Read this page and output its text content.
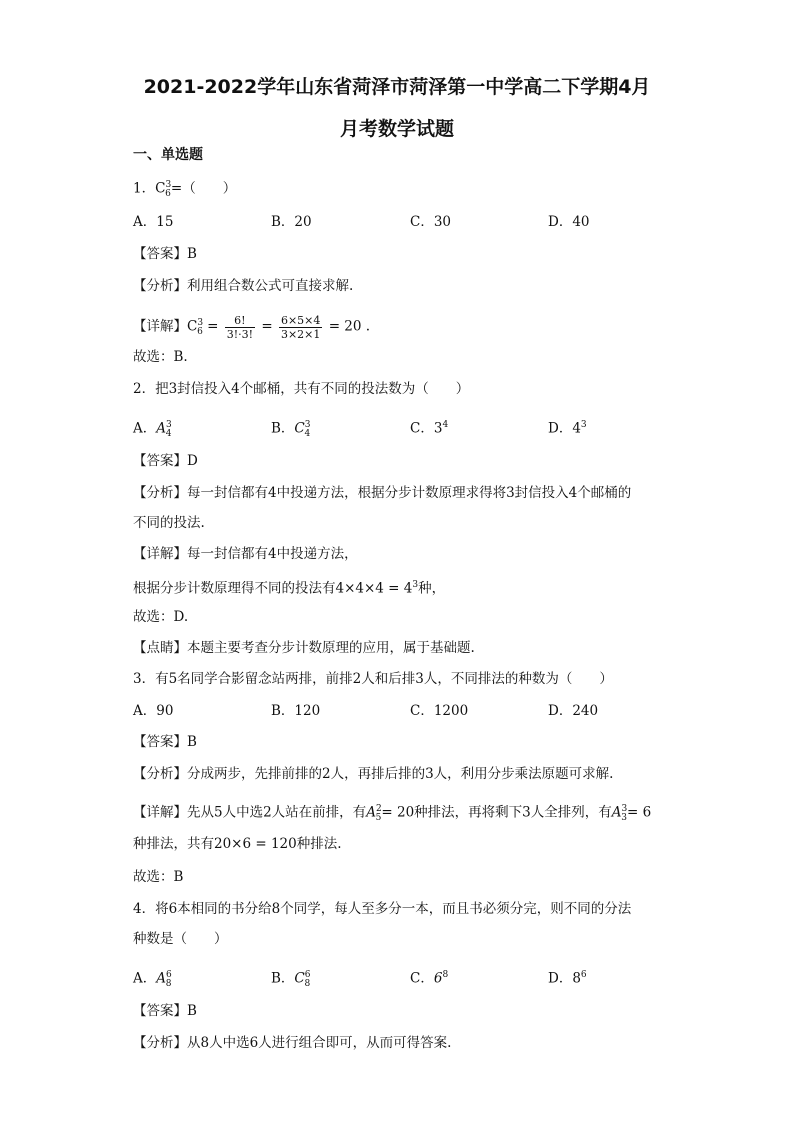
2021-2022学年山东省菏泽市菏泽第一中学高二下学期4月
月考数学试题
一、单选题
1．$C^3_6=$（　　）
A．15	B．20	C．30	D．40
【答案】B
【分析】利用组合数公式可直接求解.
【详解】$C^3_6 = \frac{6!}{3!\cdot 3!} = \frac{6\times 5\times 4}{3\times 2\times 1} = 20$ .
故选：B.
2．把3封信投入4个邮桶，共有不同的投法数为（　　）
A．$A^3_4$	B．$C^3_4$	C．$3^4$	D．$4^3$
【答案】D
【分析】每一封信都有4中投递方法，根据分步计数原理求得将3封信投入4个邮桶的
不同的投法.
【详解】每一封信都有4中投递方法，
根据分步计数原理得不同的投法有$4\times 4\times 4 = 4^3$种，
故选：D.
【点睛】本题主要考查分步计数原理的应用，属于基础题.
3．有5名同学合影留念站两排，前排2人和后排3人，不同排法的种数为（　　）
A．90	B．120	C．1200	D．240
【答案】B
【分析】分成两步，先排前排的2人，再排后排的3人，利用分步乘法原题可求解.
【详解】先从5人中选2人站在前排，有$A^2_5= 20$种排法，再将剩下3人全排列，有$A^3_3= 6$
种排法，共有20×6 = 120种排法.
故选：B
4．将6本相同的书分给8个同学，每人至多分一本，而且书必须分完，则不同的分法
种数是（　　）
A．$A^6_8$	B．$C^6_8$	C．$6^8$	D．$8^6$
【答案】B
【分析】从8人中选6人进行组合即可，从而可得答案.
